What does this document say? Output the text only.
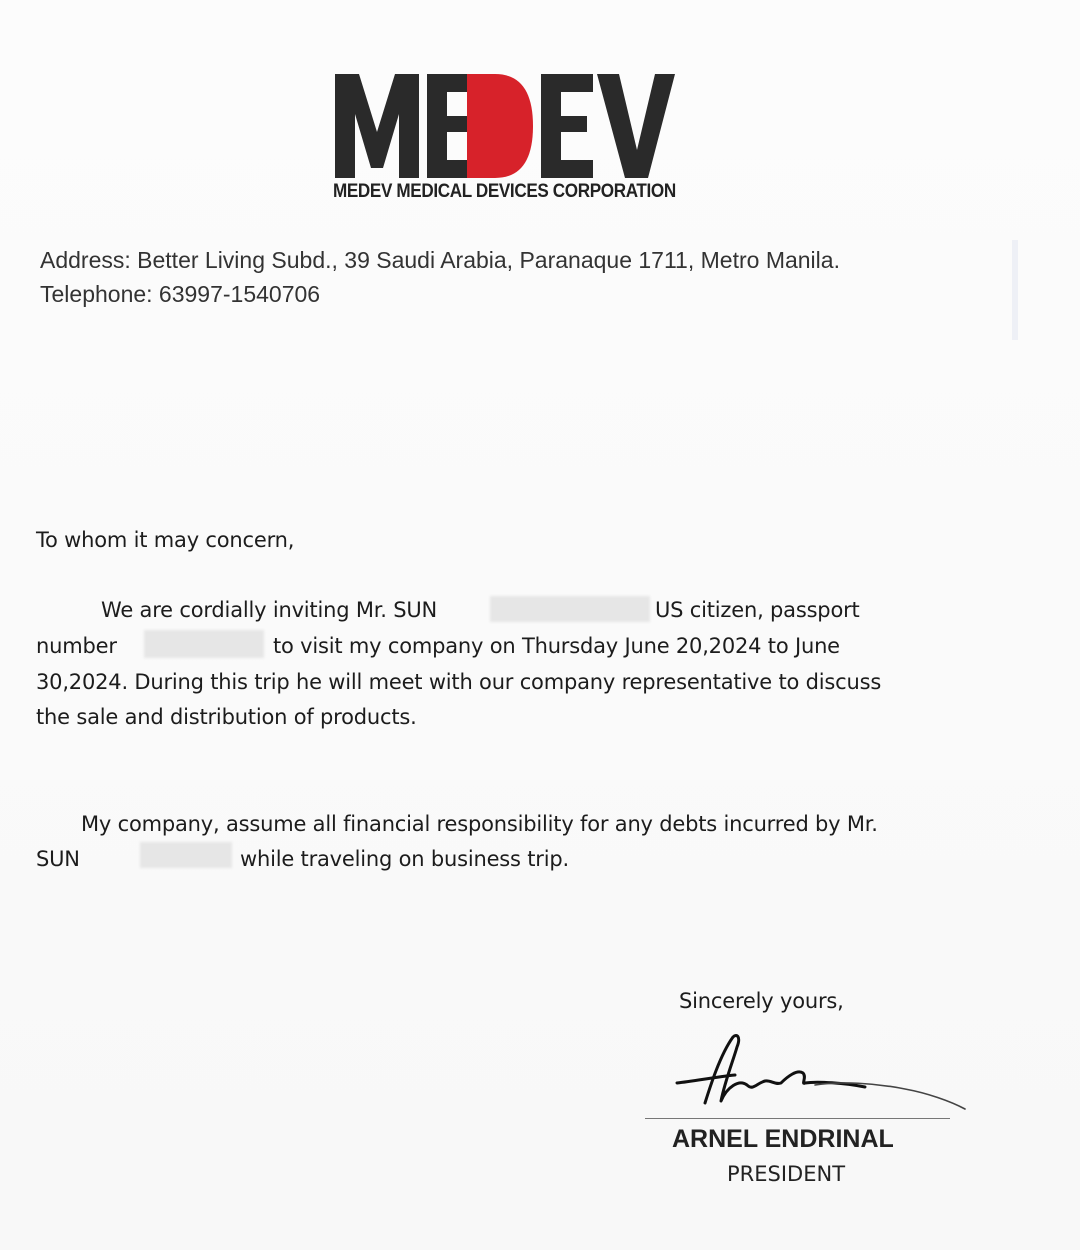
MEDEV MEDICAL DEVICES CORPORATION
Address: Better Living Subd., 39 Saudi Arabia, Paranaque 1711, Metro Manila.
Telephone: 63997-1540706
To whom it may concern,
We are cordially inviting Mr. SUN	US citizen, passport
number	to visit my company on Thursday June 20,2024 to June
30,2024. During this trip he will meet with our company representative to discuss
the sale and distribution of products.
My company, assume all financial responsibility for any debts incurred by Mr.
SUN	while traveling on business trip.
Sincerely yours,
ARNEL ENDRINAL
PRESIDENT
